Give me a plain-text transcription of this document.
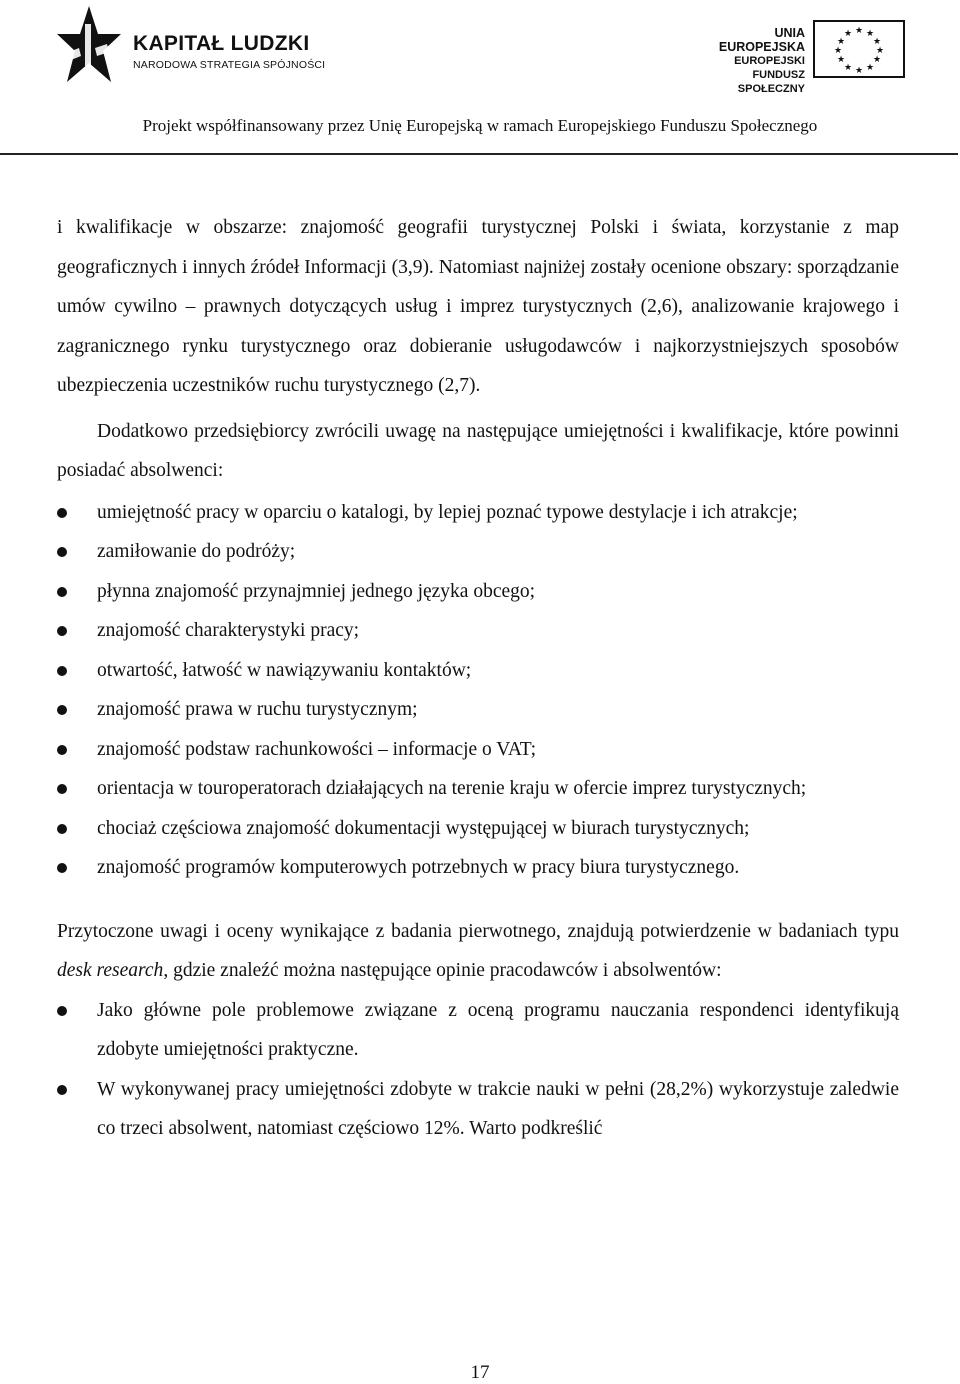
KAPITAŁ LUDZKI
NARODOWA STRATEGIA SPÓJNOŚCI
UNIA EUROPEJSKA
EUROPEJSKI
FUNDUSZ SPOŁECZNY
★ ★
★
★
★
★
★
★
★
★
★
★
Projekt współfinansowany przez Unię Europejską w ramach Europejskiego Funduszu Społecznego

i kwalifikacje w obszarze: znajomość geografii turystycznej Polski i świata, korzystanie z map geograficznych i innych źródeł Informacji (3,9). Natomiast najniżej zostały ocenione obszary: sporządzanie umów cywilno – prawnych dotyczących usług i imprez turystycznych (2,6), analizowanie krajowego i zagranicznego rynku turystycznego oraz dobieranie usługodawców i najkorzystniejszych sposobów ubezpieczenia uczestników ruchu turystycznego (2,7).

Dodatkowo przedsiębiorcy zwrócili uwagę na następujące umiejętności i kwalifikacje, które powinni posiadać absolwenci:

umiejętność pracy w oparciu o katalogi, by lepiej poznać typowe destylacje i ich atrakcje;
zamiłowanie do podróży;
płynna znajomość przynajmniej jednego języka obcego;
znajomość charakterystyki pracy;
otwartość, łatwość w nawiązywaniu kontaktów;
znajomość prawa w ruchu turystycznym;
znajomość podstaw rachunkowości – informacje o VAT;
orientacja w touroperatorach działających na terenie kraju w ofercie imprez turystycznych;
chociaż częściowa znajomość dokumentacji występującej w biurach turystycznych;
znajomość programów komputerowych potrzebnych w pracy biura turystycznego.

Przytoczone uwagi i oceny wynikające z badania pierwotnego, znajdują potwierdzenie w badaniach typu desk research, gdzie znaleźć można następujące opinie pracodawców i absolwentów:

Jako główne pole problemowe związane z oceną programu nauczania respondenci identyfikują zdobyte umiejętności praktyczne.
W wykonywanej pracy umiejętności zdobyte w trakcie nauki w pełni (28,2%) wykorzystuje zaledwie co trzeci absolwent, natomiast częściowo 12%. Warto podkreślić
17
